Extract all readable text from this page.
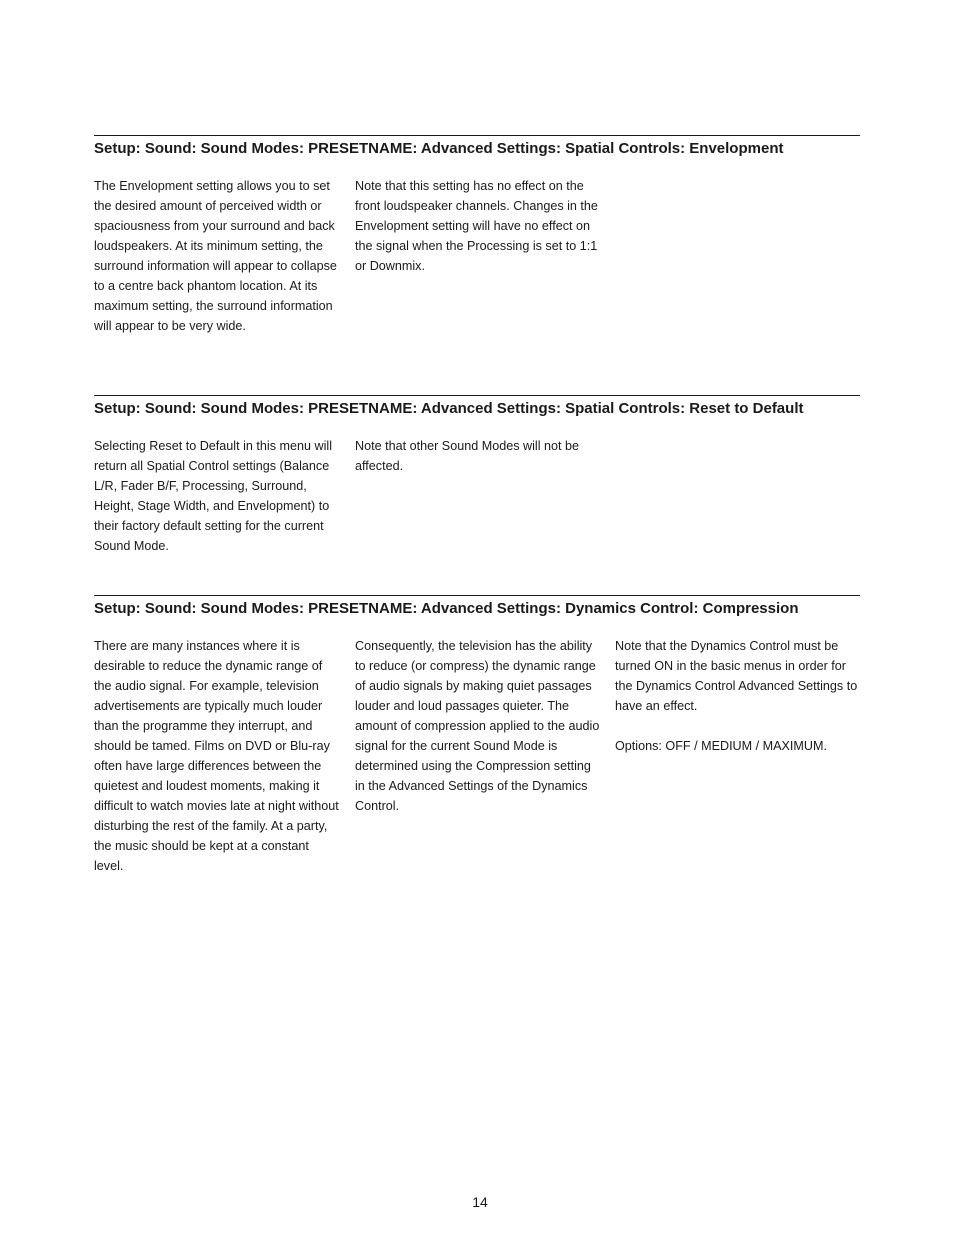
Setup: Sound: Sound Modes: PRESETNAME: Advanced Settings: Spatial Controls: Envelopment

The Envelopment setting allows you to set the desired amount of perceived width or spaciousness from your surround and back loudspeakers. At its minimum setting, the surround information will appear to collapse to a centre back phantom location. At its maximum setting, the surround information will appear to be very wide.

Note that this setting has no effect on the front loudspeaker channels. Changes in the Envelopment setting will have no effect on the signal when the Processing is set to 1:1 or Downmix.

Setup: Sound: Sound Modes: PRESETNAME: Advanced Settings: Spatial Controls: Reset to Default

Selecting Reset to Default in this menu will return all Spatial Control settings (Balance L/R, Fader B/F, Processing, Surround, Height, Stage Width, and Envelopment) to their factory default setting for the current Sound Mode.

Note that other Sound Modes will not be affected.

Setup: Sound: Sound Modes: PRESETNAME: Advanced Settings: Dynamics Control: Compression

There are many instances where it is desirable to reduce the dynamic range of the audio signal. For example, television advertisements are typically much louder than the programme they interrupt, and should be tamed. Films on DVD or Blu-ray often have large differences between the quietest and loudest moments, making it difficult to watch movies late at night without disturbing the rest of the family. At a party, the music should be kept at a constant level.

Consequently, the television has the ability to reduce (or compress) the dynamic range of audio signals by making quiet passages louder and loud passages quieter. The amount of compression applied to the audio signal for the current Sound Mode is determined using the Compression setting in the Advanced Settings of the Dynamics Control.

Note that the Dynamics Control must be turned ON in the basic menus in order for the Dynamics Control Advanced Settings to have an effect.

Options: OFF / MEDIUM / MAXIMUM.

14
